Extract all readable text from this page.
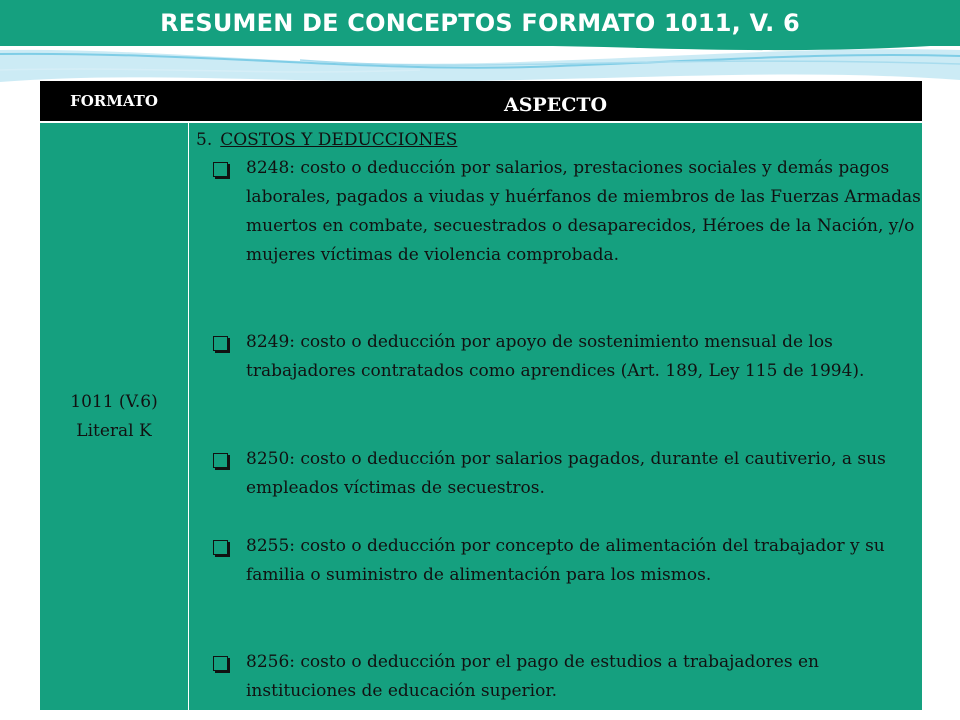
RESUMEN DE CONCEPTOS FORMATO 1011, V. 6
FORMATO	ASPECTO
1011 (V.6)
Literal K
5. COSTOS Y DEDUCCIONES
8248: costo o deducción por salarios, prestaciones sociales y demás pagos laborales, pagados a viudas y huérfanos de miembros de las Fuerzas Armadas muertos en combate, secuestrados o desaparecidos, Héroes de la Nación, y/o mujeres víctimas de violencia comprobada.
8249: costo o deducción por apoyo de sostenimiento mensual de los trabajadores contratados como aprendices (Art. 189, Ley 115 de 1994).
8250: costo o deducción por salarios pagados, durante el cautiverio, a sus empleados víctimas de secuestros.
8255: costo o deducción por concepto de alimentación del trabajador y su familia o suministro de alimentación para los mismos.
8256: costo o deducción por el pago de estudios a trabajadores en instituciones de educación superior.
